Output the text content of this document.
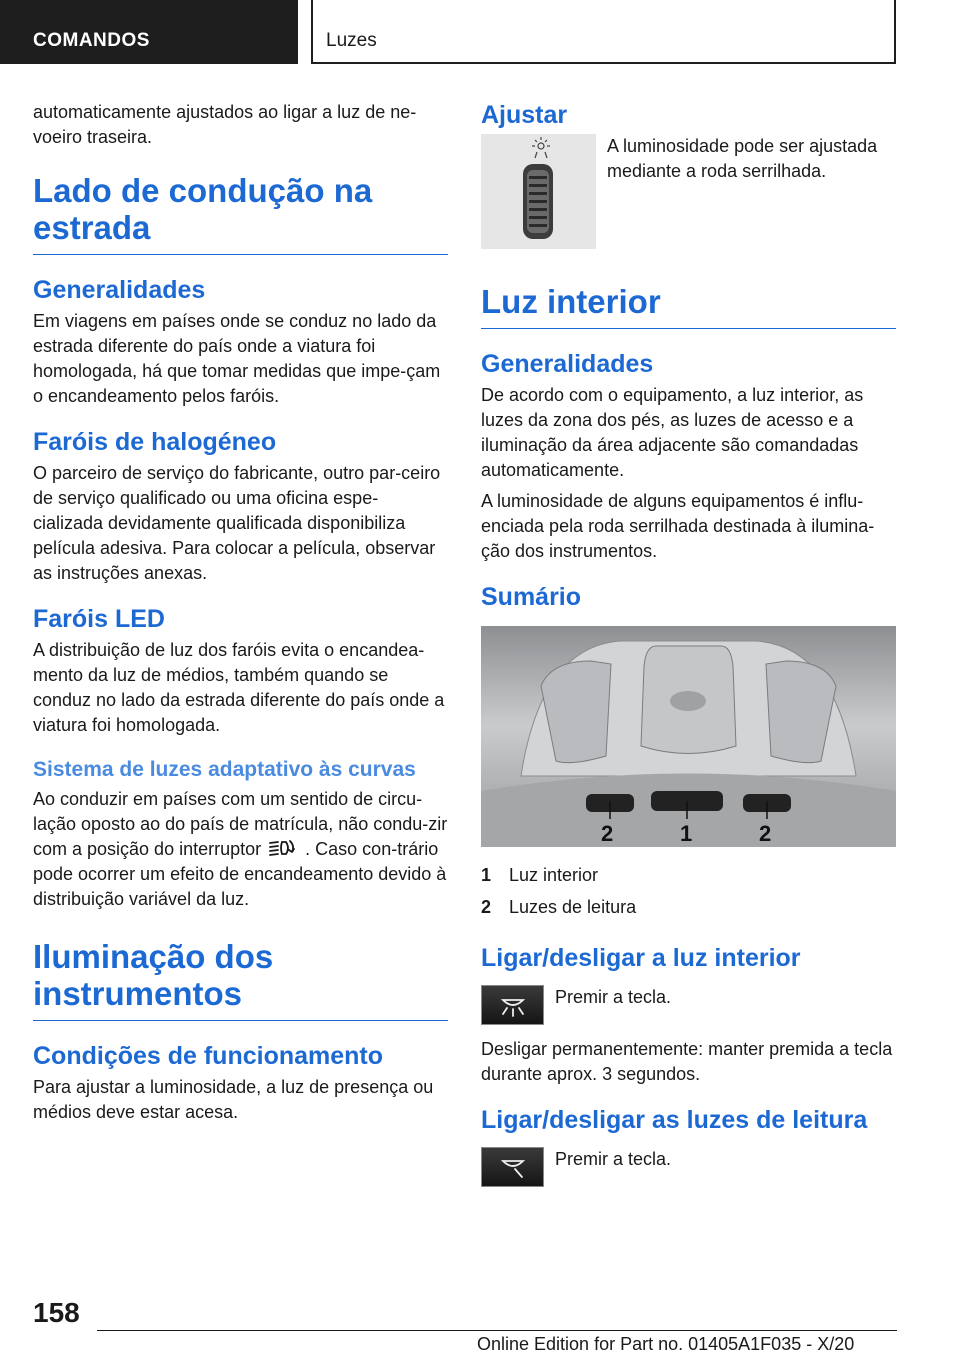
COMANDOS	Luzes

automaticamente ajustados ao ligar a luz de ne-voeiro traseira.

Lado de condução na estrada
Generalidades

Em viagens em países onde se conduz no lado da estrada diferente do país onde a viatura foi homologada, há que tomar medidas que impe-çam o encandeamento pelos faróis.

Faróis de halogéneo

O parceiro de serviço do fabricante, outro par-ceiro de serviço qualificado ou uma oficina espe-cializada devidamente qualificada disponibiliza película adesiva. Para colocar a película, observar as instruções anexas.

Faróis LED

A distribuição de luz dos faróis evita o encandea-mento da luz de médios, também quando se conduz no lado da estrada diferente do país onde a viatura foi homologada.

Sistema de luzes adaptativo às curvas

Ao conduzir em países com um sentido de circu-lação oposto ao do país de matrícula, não condu-zir com a posição do interruptor . Caso con-trário pode ocorrer um efeito de encandeamento devido à distribuição variável da luz.

Iluminação dos instrumentos
Condições de funcionamento

Para ajustar a luminosidade, a luz de presença ou médios deve estar acesa.

Ajustar
A luminosidade pode ser ajustada mediante a roda serrilhada.
Luz interior
Generalidades

De acordo com o equipamento, a luz interior, as luzes da zona dos pés, as luzes de acesso e a iluminação da área adjacente são comandadas automaticamente.

A luminosidade de alguns equipamentos é influ-enciada pela roda serrilhada destinada à ilumina-ção dos instrumentos.

Sumário
2	1	2
1 Luz interior
2 Luzes de leitura
Ligar/desligar a luz interior
Premir a tecla.

Desligar permanentemente: manter premida a tecla durante aprox. 3 segundos.

Ligar/desligar as luzes de leitura
Premir a tecla.
158
Online Edition for Part no. 01405A1F035 - X/20
